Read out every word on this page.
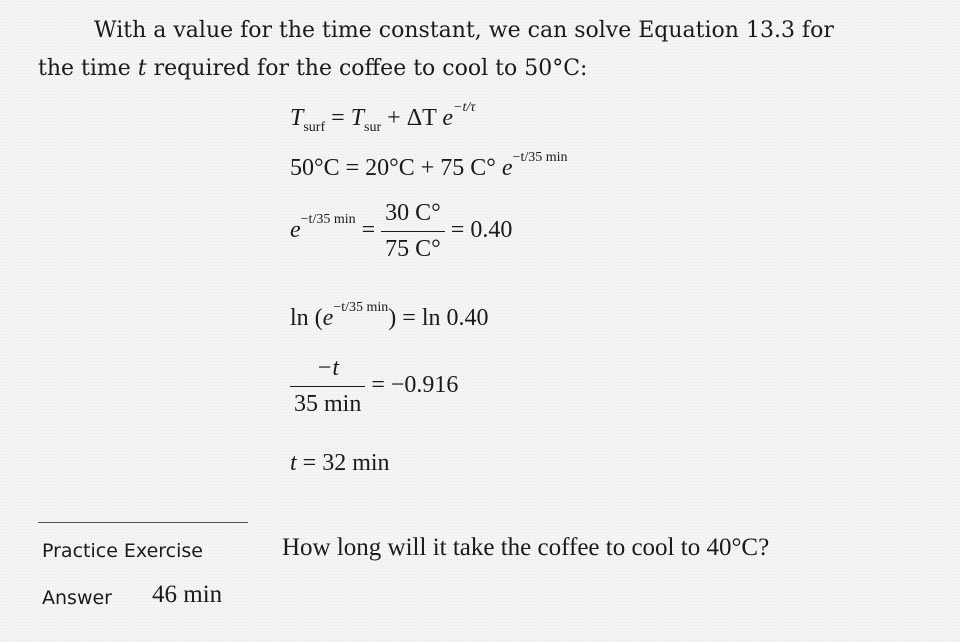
With a value for the time constant, we can solve Equation 13.3 for
the time t required for the coffee to cool to 50°C:
$T_{surf} = T_{sur} + \Delta T$ $e^{-t/\tau}$
50°C = 20°C + 75 C° $e^{-t/35 min}$
$e^{-t/35 min} = \frac{30 C^\circ}{75 C^\circ} = 0.40$
$\ln (e^{-t/35 min}) = \ln 0.40$
$\frac{-t}{35 \min} = -0.916$
t = 32 min
Practice Exercise	How long will it take the coffee to cool to 40°C?
Answer 46 min
